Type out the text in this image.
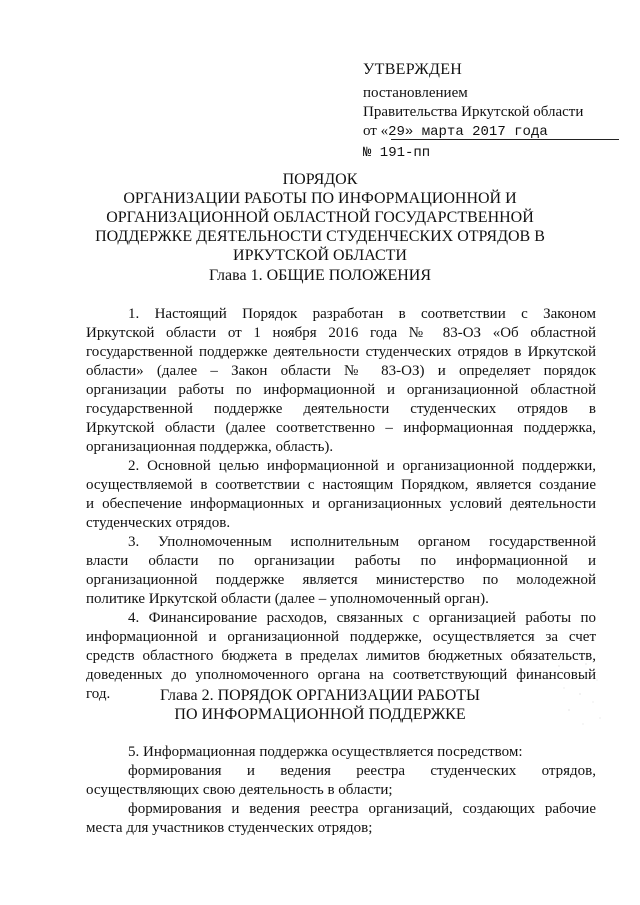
УТВЕРЖДЕН
постановлением
Правительства Иркутской области
от «29» марта 2017 года
№ 191-пп
ПОРЯДОК
ОРГАНИЗАЦИИ РАБОТЫ ПО ИНФОРМАЦИОННОЙ И
ОРГАНИЗАЦИОННОЙ ОБЛАСТНОЙ ГОСУДАРСТВЕННОЙ
ПОДДЕРЖКЕ ДЕЯТЕЛЬНОСТИ СТУДЕНЧЕСКИХ ОТРЯДОВ В
ИРКУТСКОЙ ОБЛАСТИ
Глава 1. ОБЩИЕ ПОЛОЖЕНИЯ
1. Настоящий Порядок разработан в соответствии с Законом
Иркутской области от 1 ноября 2016 года № 83-ОЗ «Об областной
государственной поддержке деятельности студенческих отрядов в Иркутской
области» (далее – Закон области № 83-ОЗ) и определяет порядок
организации работы по информационной и организационной областной
государственной поддержке деятельности студенческих отрядов в
Иркутской области (далее соответственно – информационная поддержка,
организационная поддержка, область).
2. Основной целью информационной и организационной поддержки,
осуществляемой в соответствии с настоящим Порядком, является создание
и обеспечение информационных и организационных условий деятельности
студенческих отрядов.
3. Уполномоченным исполнительным органом государственной
власти области по организации работы по информационной и
организационной поддержке является министерство по молодежной
политике Иркутской области (далее – уполномоченный орган).
4. Финансирование расходов, связанных с организацией работы по
информационной и организационной поддержке, осуществляется за счет
средств областного бюджета в пределах лимитов бюджетных обязательств,
доведенных до уполномоченного органа на соответствующий финансовый
год.	Глава 2. ПОРЯДОК ОРГАНИЗАЦИИ РАБОТЫ
ПО ИНФОРМАЦИОННОЙ ПОДДЕРЖКЕ
5. Информационная поддержка осуществляется посредством:
формирования и ведения реестра студенческих отрядов,
осуществляющих свою деятельность в области;
формирования и ведения реестра организаций, создающих рабочие
места для участников студенческих отрядов;
